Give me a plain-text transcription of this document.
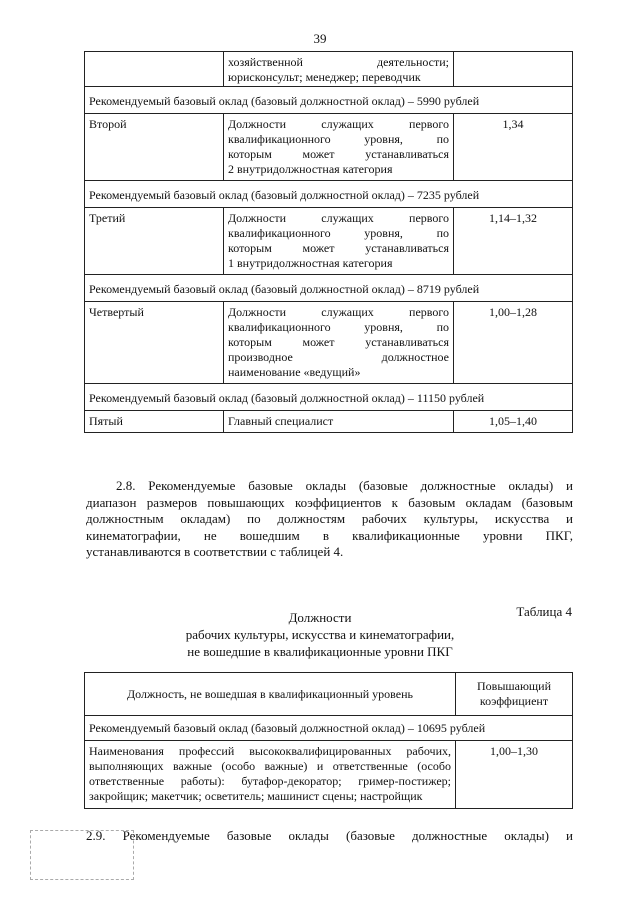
39

	хозяйственной деятельности;
юрисконсульт; менеджер; переводчик	

Рекомендуемый базовый оклад (базовый должностной оклад) – 5990 рублей		
Второй	Должности служащих первого
квалификационного уровня, по
которым может устанавливаться
2 внутридолжностная категория	1,34
Рекомендуемый базовый оклад (базовый должностной оклад) – 7235 рублей		
Третий	Должности служащих первого
квалификационного уровня, по
которым может устанавливаться
1 внутридолжностная категория	1,14–1,32
Рекомендуемый базовый оклад (базовый должностной оклад) – 8719 рублей		
Четвертый	Должности служащих первого
квалификационного уровня, по
которым может устанавливаться
производное должностное
наименование «ведущий»	1,00–1,28
Рекомендуемый базовый оклад (базовый должностной оклад) – 11150 рублей		
Пятый	Главный специалист	1,05–1,40
2.8. Рекомендуемые базовые оклады (базовые должностные оклады) и
диапазон размеров повышающих коэффициентов к базовым окладам (базовым
должностным окладам) по должностям рабочих культуры, искусства и
кинематографии, не вошедшим в квалификационные уровни ПКГ,
устанавливаются в соответствии с таблицей 4.
Таблица 4
Должности
рабочих культуры, искусства и кинематографии,
не вошедшие в квалификационные уровни ПКГ
Должность, не вошедшая в квалификационный уровень	Повышающий
коэффициент

Рекомендуемый базовый оклад (базовый должностной оклад) – 10695 рублей	

Наименования профессий высококвалифицированных рабочих,
выполняющих важные (особо важные) и ответственные (особо
ответственные работы): бутафор-декоратор; гример-постижер;
закройщик; макетчик; осветитель; машинист сцены; настройщик	1,00–1,30
2.9. Рекомендуемые базовые оклады (базовые должностные оклады) и
